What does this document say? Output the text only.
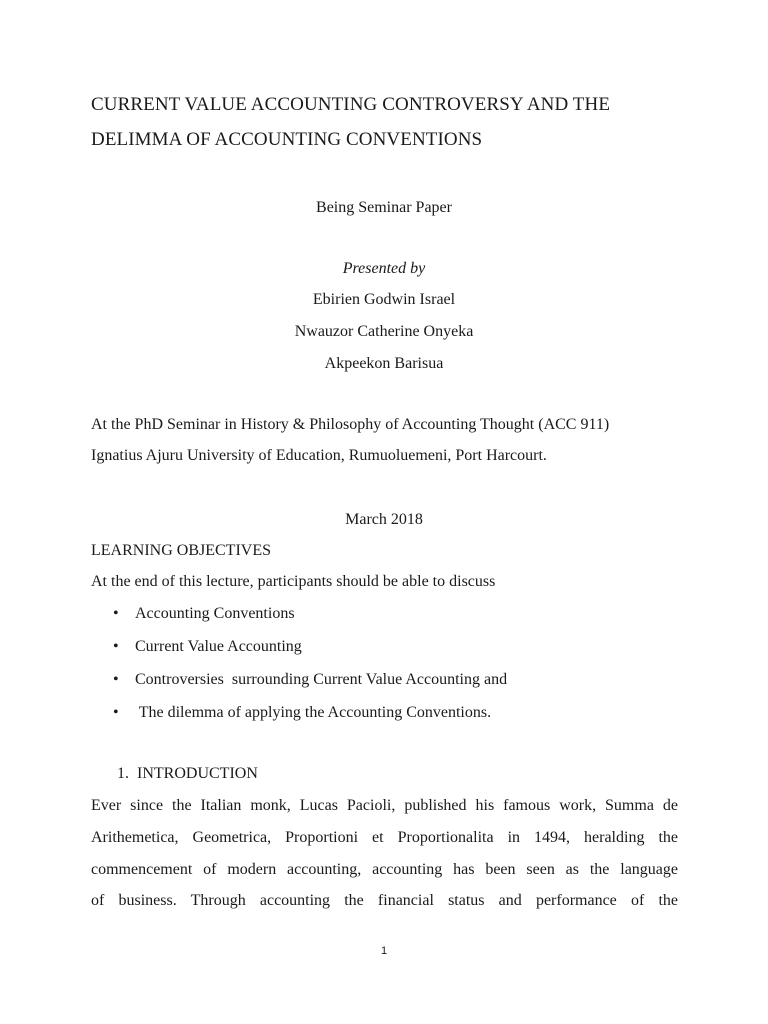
CURRENT VALUE ACCOUNTING CONTROVERSY AND THE
DELIMMA OF ACCOUNTING CONVENTIONS
Being Seminar Paper
Presented by
Ebirien Godwin Israel
Nwauzor Catherine Onyeka
Akpeekon Barisua
At the PhD Seminar in History & Philosophy of Accounting Thought (ACC 911)
Ignatius Ajuru University of Education, Rumuoluemeni, Port Harcourt.
March 2018
LEARNING OBJECTIVES
At the end of this lecture, participants should be able to discuss
• Accounting Conventions
• Current Value Accounting
• Controversies  surrounding Current Value Accounting and
• The dilemma of applying the Accounting Conventions.
1.  INTRODUCTION
Ever since the Italian monk, Lucas Pacioli, published his famous work, Summa de
Arithemetica, Geometrica, Proportioni et Proportionalita in 1494, heralding the
commencement of modern accounting, accounting has been seen as the language
of business. Through accounting the financial status and performance of the
1
